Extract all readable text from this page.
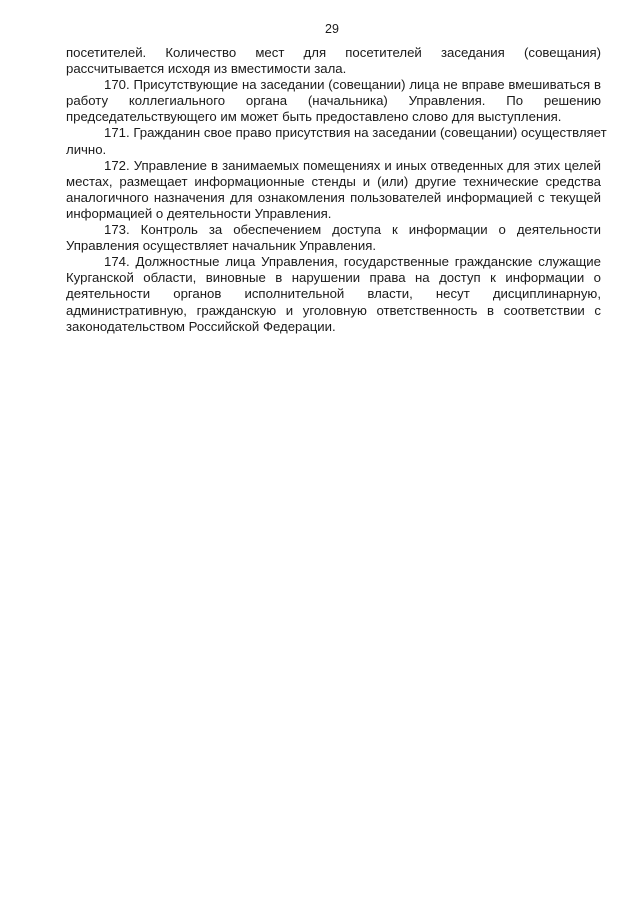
29
посетителей. Количество мест для посетителей заседания (совещания)
рассчитывается исходя из вместимости зала.
170. Присутствующие на заседании (совещании) лица не вправе вмешиваться в
работу коллегиального органа (начальника) Управления. По решению
председательствующего им может быть предоставлено слово для выступления.
171. Гражданин свое право присутствия на заседании (совещании) осуществляет
лично.
172. Управление в занимаемых помещениях и иных отведенных для этих целей
местах, размещает информационные стенды и (или) другие технические средства
аналогичного назначения для ознакомления пользователей информацией с текущей
информацией о деятельности Управления.
173. Контроль за обеспечением доступа к информации о деятельности
Управления осуществляет начальник Управления.
174. Должностные лица Управления, государственные гражданские служащие
Курганской области, виновные в нарушении права на доступ к информации о
деятельности органов исполнительной власти, несут дисциплинарную,
административную, гражданскую и уголовную ответственность в соответствии с
законодательством Российской Федерации.
